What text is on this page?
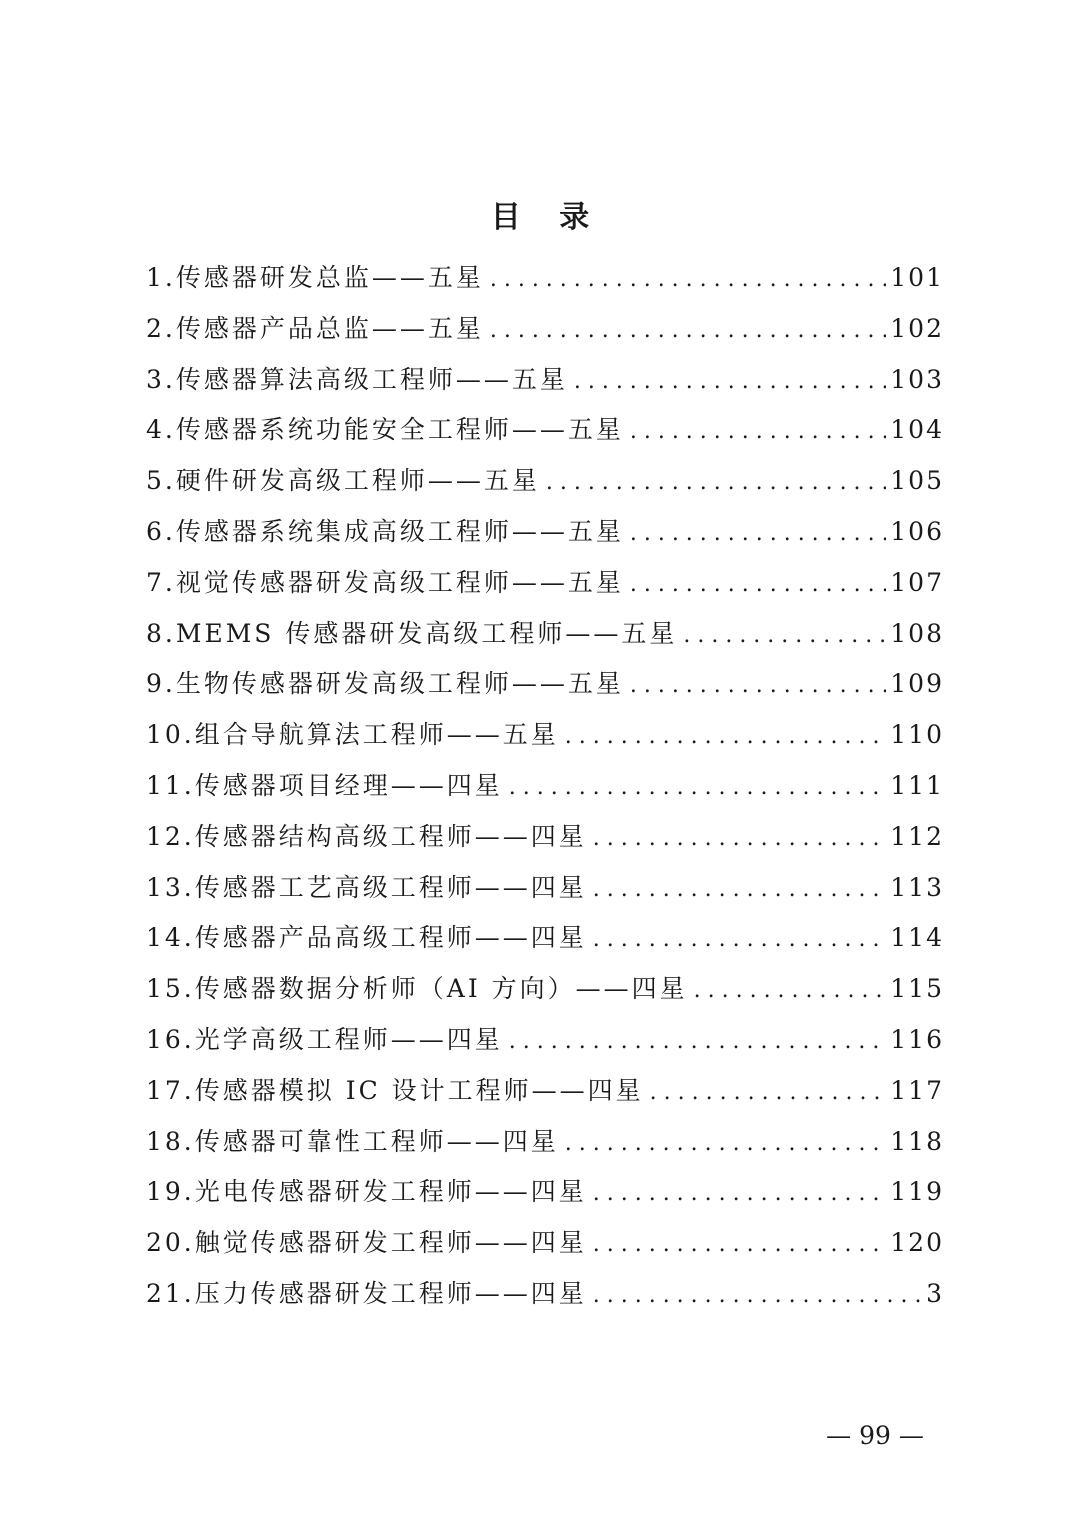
目 录
1.传感器研发总监——五星 . . .	101
2.传感器产品总监——五星 . . .	102
3.传感器算法高级工程师——五星 . . .	103
4.传感器系统功能安全工程师——五星 . . .	104
5.硬件研发高级工程师——五星 . . .	105
6.传感器系统集成高级工程师——五星 . . .	106
7.视觉传感器研发高级工程师——五星 . . .	107
8.MEMS 传感器研发高级工程师——五星 . . .	108
9.生物传感器研发高级工程师——五星 . . .	109
10.组合导航算法工程师——五星 . . .	110
11.传感器项目经理——四星 . . .	111
12.传感器结构高级工程师——四星 . . .	112
13.传感器工艺高级工程师——四星 . . .	113
14.传感器产品高级工程师——四星 . . .	114
15.传感器数据分析师（AI 方向）——四星 . . .	115
16.光学高级工程师——四星 . . .	116
17.传感器模拟 IC 设计工程师——四星 . . .	117
18.传感器可靠性工程师——四星 . . .	118
19.光电传感器研发工程师——四星 . . .	119
20.触觉传感器研发工程师——四星 . . .	120
21.压力传感器研发工程师——四星 . . .	3

— 99 —
